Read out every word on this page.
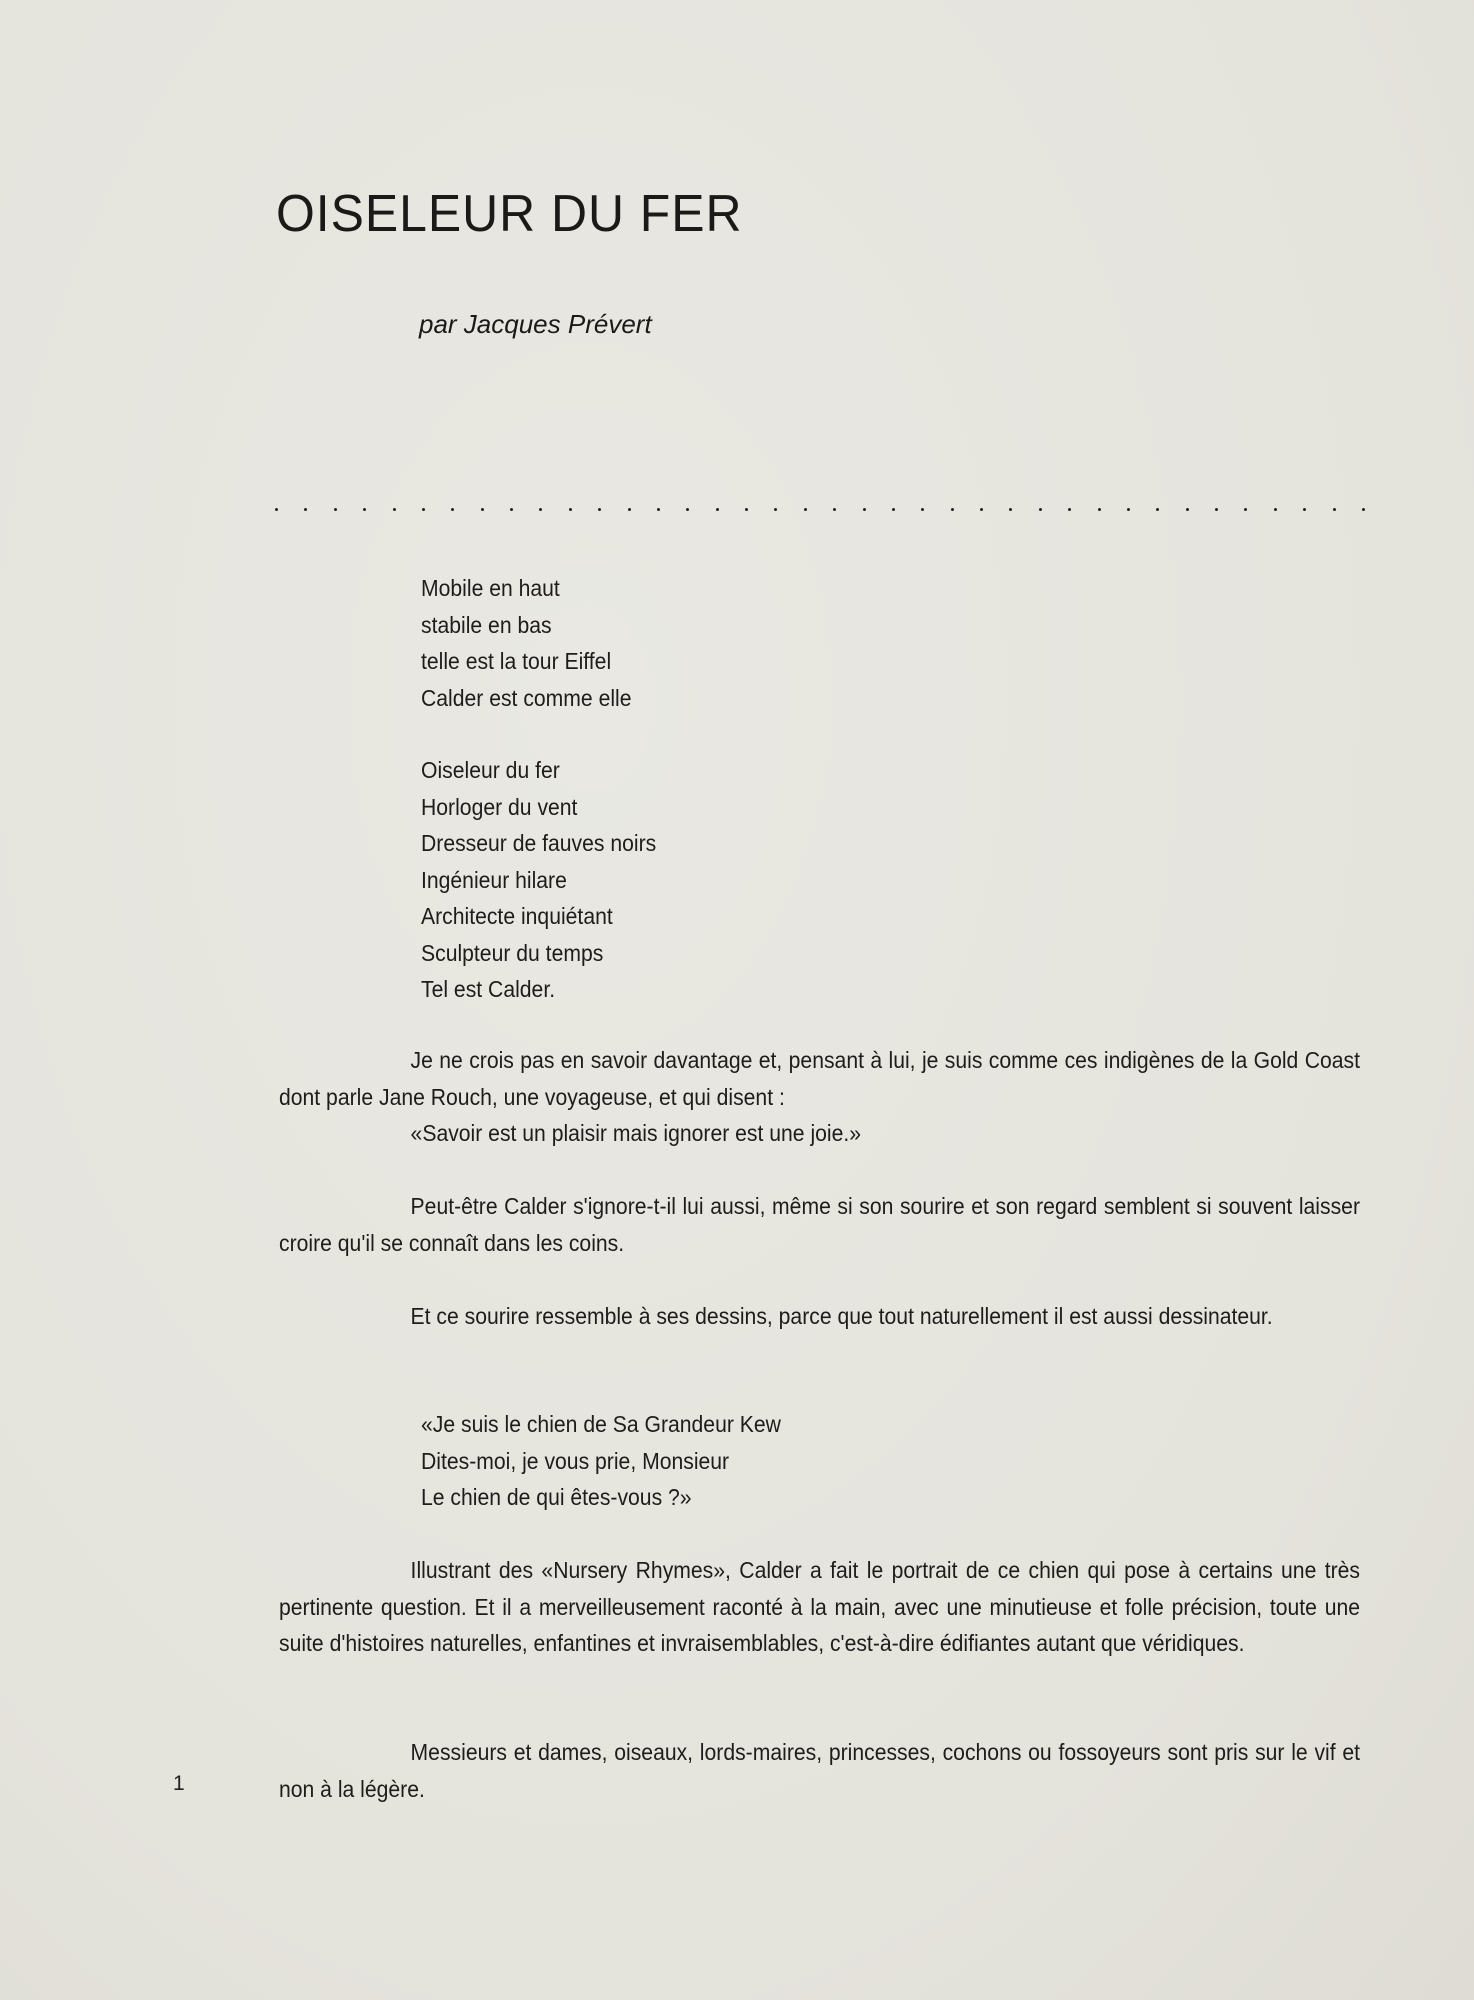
OISELEUR DU FER
par Jacques Prévert
Mobile en haut
stabile en bas
telle est la tour Eiffel
Calder est comme elle
Oiseleur du fer
Horloger du vent
Dresseur de fauves noirs
Ingénieur hilare
Architecte inquiétant
Sculpteur du temps
Tel est Calder.

Je ne crois pas en savoir davantage et, pensant à lui, je suis comme ces indigènes de la Gold Coast dont parle Jane Rouch, une voyageuse, et qui disent :

«Savoir est un plaisir mais ignorer est une joie.»

Peut-être Calder s'ignore-t-il lui aussi, même si son sourire et son regard semblent si souvent laisser croire qu'il se connaît dans les coins.

Et ce sourire ressemble à ses dessins, parce que tout naturellement il est aussi dessinateur.

«Je suis le chien de Sa Grandeur Kew
Dites-moi, je vous prie, Monsieur
Le chien de qui êtes-vous ?»

Illustrant des «Nursery Rhymes», Calder a fait le portrait de ce chien qui pose à certains une très pertinente question. Et il a merveilleusement raconté à la main, avec une minutieuse et folle précision, toute une suite d'histoires naturelles, enfantines et invraisemblables, c'est-à-dire édifiantes autant que véridiques.

Messieurs et dames, oiseaux, lords-maires, princesses, cochons ou fossoyeurs sont pris sur le vif et non à la légère.

1
